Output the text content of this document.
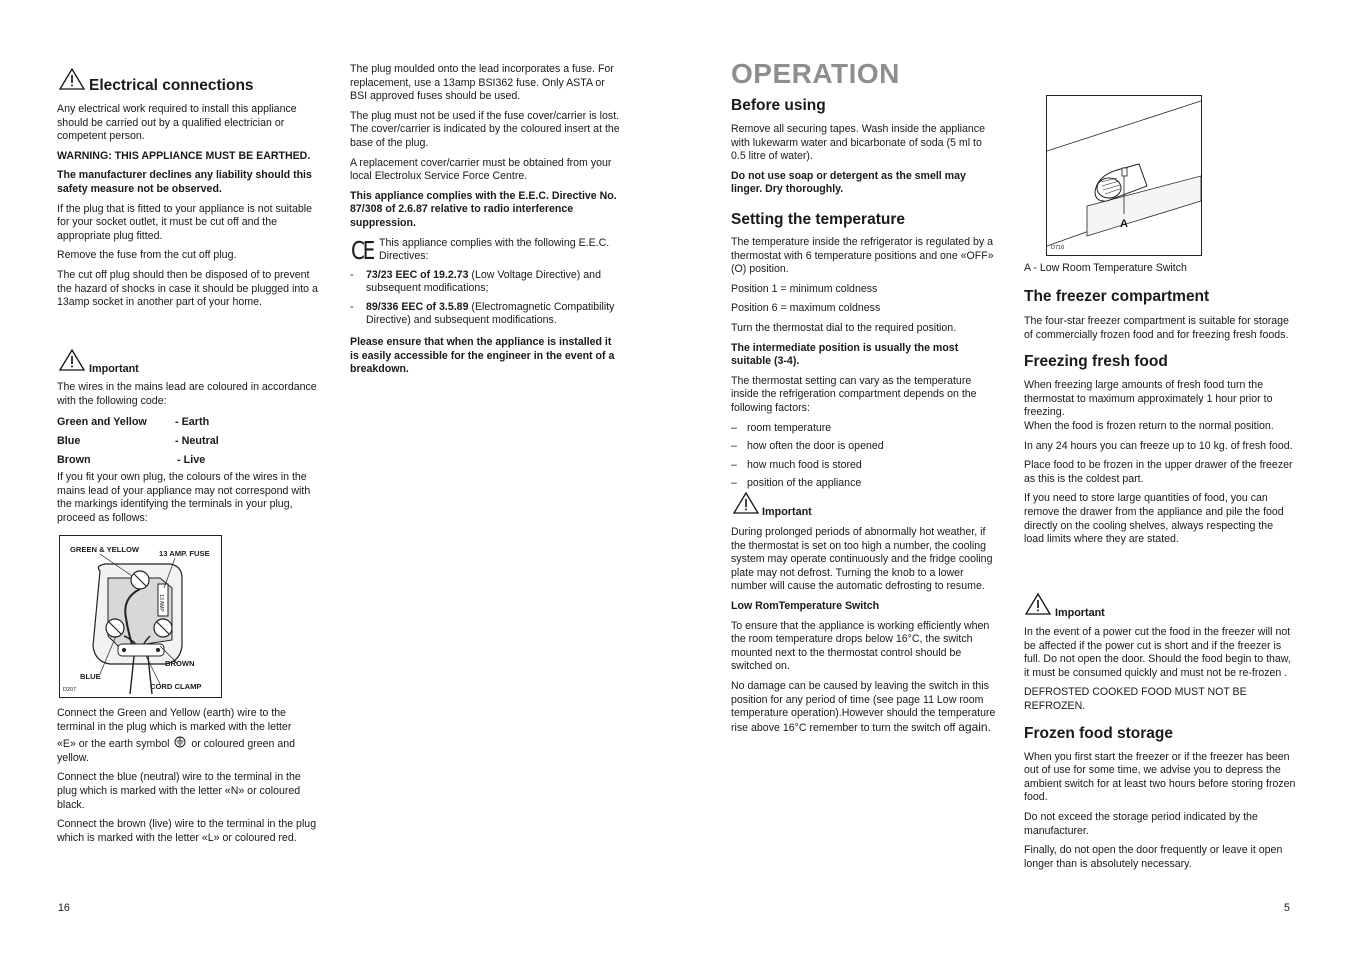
Electrical connections

Any electrical work required to install this appliance should be carried out by a qualified electrician or competent person.

WARNING: THIS APPLIANCE MUST BE EARTHED.

The manufacturer declines any liability should this safety measure not be observed.

If the plug that is fitted to your appliance is not suitable for your socket outlet, it must be cut off and the appropriate plug fitted.

Remove the fuse from the cut off plug.

The cut off plug should then be disposed of to prevent the hazard of shocks in case it should be plugged into a 13amp socket in another part of your home.

Important

The wires in the mains lead are coloured in accordance with the following code:

Green and Yellow	- Earth
Blue	- Neutral
Brown	- Live

If you fit your own plug, the colours of the wires in the mains lead of your appliance may not correspond with the markings identifying the terminals in your plug, proceed as follows:

GREEN & YELLOW	13 AMP. FUSE
13 AMP
BROWN
BLUE
CORD CLAMP
D207

Connect the Green and Yellow (earth) wire to the terminal in the plug which is marked with the letter

«E» or the earth symbol or coloured green and yellow.

Connect the blue (neutral) wire to the terminal in the plug which is marked with the letter «N» or coloured black.

Connect the brown (live) wire to the terminal in the plug which is marked with the letter «L» or coloured red.

16

The plug moulded onto the lead incorporates a fuse. For replacement, use a 13amp BSI362 fuse. Only ASTA or BSI approved fuses should be used.

The plug must not be used if the fuse cover/carrier is lost. The cover/carrier is indicated by the coloured insert at the base of the plug.

A replacement cover/carrier must be obtained from your local Electrolux Service Force Centre.

This appliance complies with the E.E.C. Directive No. 87/308 of 2.6.87 relative to radio interference suppression.

CE This appliance complies with the following E.E.C. Directives:

- 73/23 EEC of 19.2.73 (Low Voltage Directive) and subsequent modifications;
- 89/336 EEC of 3.5.89 (Electromagnetic Compatibility Directive) and subsequent modifications.

Please ensure that when the appliance is installed it is easily accessible for the engineer in the event of a breakdown.

OPERATION
Before using

Remove all securing tapes. Wash inside the appliance with lukewarm water and bicarbonate of soda (5 ml to 0.5 litre of water).

Do not use soap or detergent as the smell may linger. Dry thoroughly.

Setting the temperature

The temperature inside the refrigerator is regulated by a thermostat with 6 temperature positions and one «OFF» (O) position.

Position 1 = minimum coldness

Position 6 = maximum coldness

Turn the thermostat dial to the required position.

The intermediate position is usually the most suitable (3-4).

The thermostat setting can vary as the temperature inside the refrigeration compartment depends on the following factors:

– room temperature
– how often the door is opened
– how much food is stored
– position of the appliance
Important

During prolonged periods of abnormally hot weather, if the thermostat is set on too high a number, the cooling system may operate continuously and the fridge cooling plate may not defrost. Turning the knob to a lower number will cause the automatic defrosting to resume.

Low RomTemperature Switch

To ensure that the appliance is working efficiently when the room temperature drops below 16°C, the switch mounted next to the thermostat control should be switched on.

No damage can be caused by leaving the switch in this position for any period of time (see page 11 Low room temperature operation).However should the temperature rise above 16°C remember to turn the switch off again.

A
D710

A - Low Room Temperature Switch

The freezer compartment

The four-star freezer compartment is suitable for storage of commercially frozen food and for freezing fresh foods.

Freezing fresh food

When freezing large amounts of fresh food turn the thermostat to maximum approximately 1 hour prior to freezing.

When the food is frozen return to the normal position.

In any 24 hours you can freeze up to 10 kg. of fresh food.

Place food to be frozen in the upper drawer of the freezer as this is the coldest part.

If you need to store large quantities of food, you can remove the drawer from the appliance and pile the food directly on the cooling shelves, always respecting the load limits where they are stated.

Important

In the event of a power cut the food in the freezer will not be affected if the power cut is short and if the freezer is full. Do not open the door. Should the food begin to thaw, it must be consumed quickly and must not be re-frozen .

DEFROSTED COOKED FOOD MUST NOT BE REFROZEN.

Frozen food storage

When you first start the freezer or if the freezer has been out of use for some time, we advise you to depress the ambient switch for at least two hours before storing frozen food.

Do not exceed the storage period indicated by the manufacturer.

Finally, do not open the door frequently or leave it open longer than is absolutely necessary.

5
